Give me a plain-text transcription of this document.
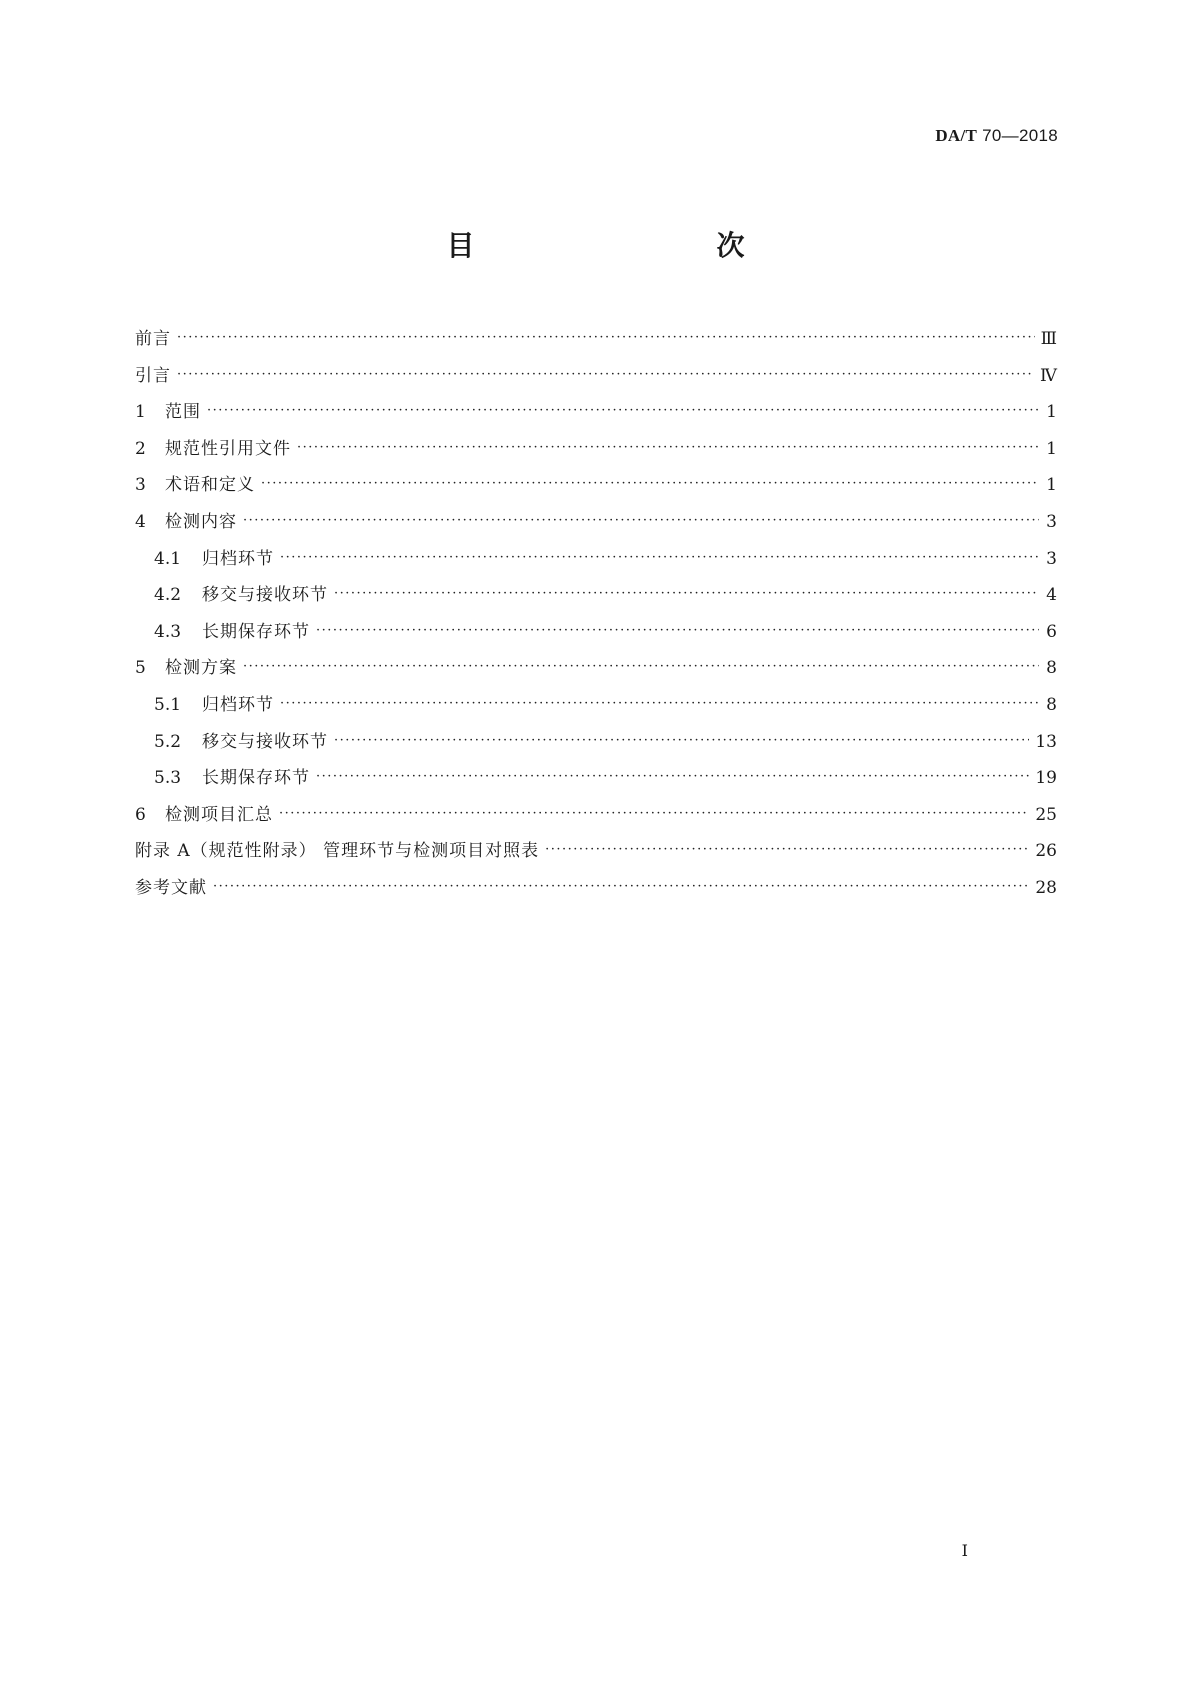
DA/T 70—2018
目　　次
前言 ·····	Ⅲ
引言 ·····	Ⅳ
1 范围 ·····	1
2 规范性引用文件 ·····	1
3 术语和定义 ·····	1
4 检测内容 ·····	3
4.1 归档环节 ·····	3
4.2 移交与接收环节 ·····	4
4.3 长期保存环节 ·····	6
5 检测方案 ·····	8
5.1 归档环节 ·····	8
5.2 移交与接收环节 ·····	13
5.3 长期保存环节 ·····	19
6 检测项目汇总 ·····	25
附录 A（规范性附录） 管理环节与检测项目对照表 ·····	26
参考文献 ·····	28
I
